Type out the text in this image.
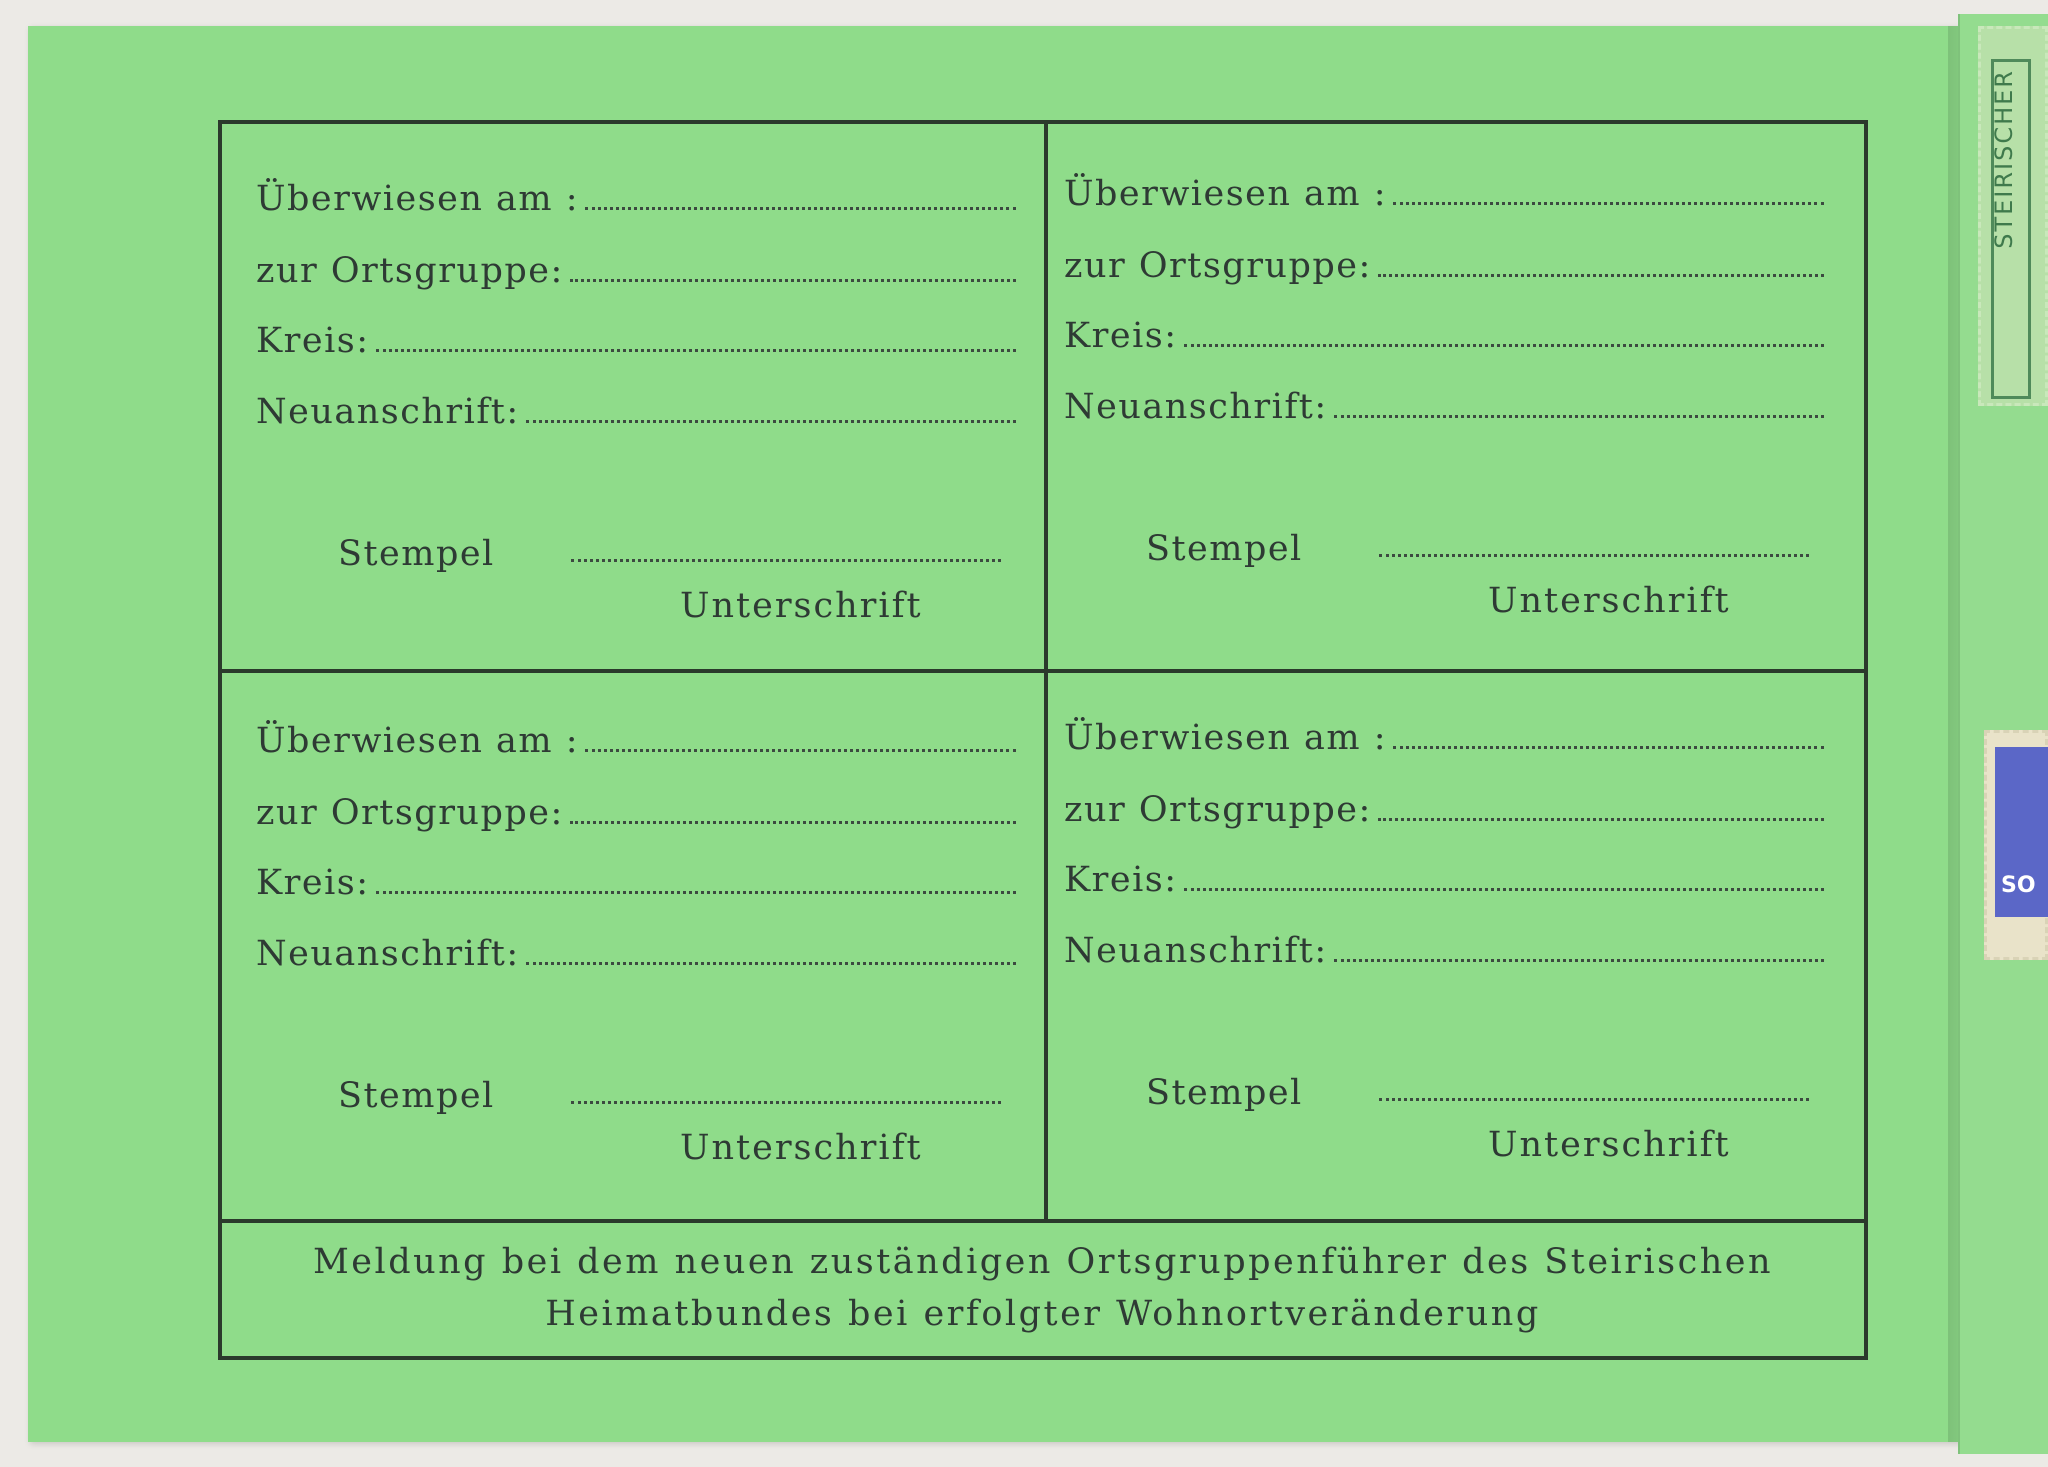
Überwiesen am :
zur Ortsgruppe:
Kreis:
Neuanschrift:
Stempel
Unterschrift
Überwiesen am :
zur Ortsgruppe:
Kreis:
Neuanschrift:
Stempel
Unterschrift
Überwiesen am :
zur Ortsgruppe:
Kreis:
Neuanschrift:
Stempel
Unterschrift
Überwiesen am :
zur Ortsgruppe:
Kreis:
Neuanschrift:
Stempel
Unterschrift
Meldung bei dem neuen zuständigen Ortsgruppenführer des Steirischen
Heimatbundes bei erfolgter Wohnortveränderung
STEIRISCHER
SO
